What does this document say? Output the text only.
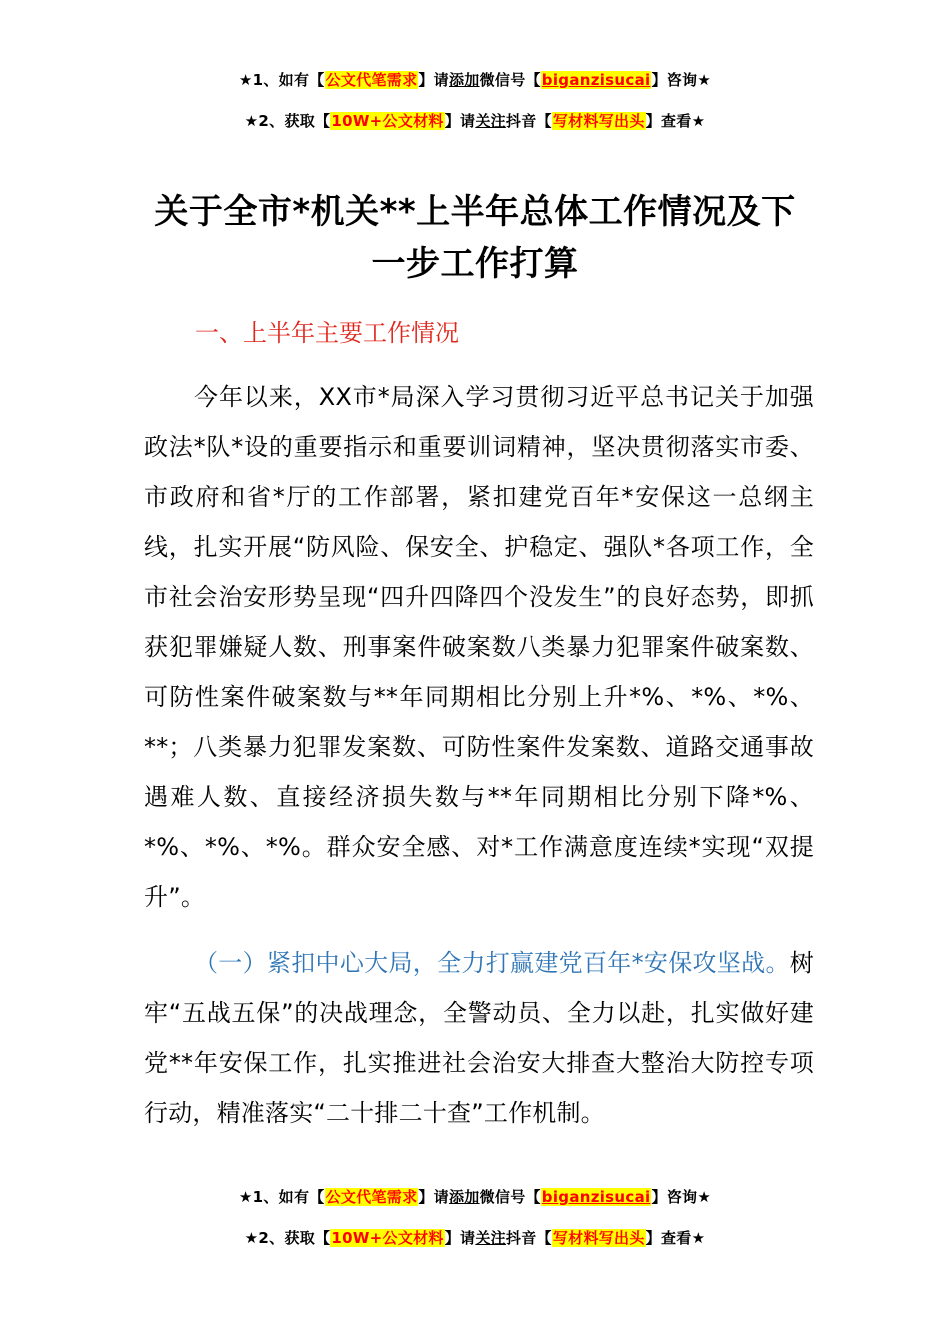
★1、如有【公文代笔需求】请添加微信号【biganzisucai】咨询★
★2、获取【10W+公文材料】请关注抖音【写材料写出头】查看★
关于全市*机关**上半年总体工作情况及下
一步工作打算
一、上半年主要工作情况
今年以来，XX市*局深入学习贯彻习近平总书记关于加强政法*队*设的重要指示和重要训词精神，坚决贯彻落实市委、市政府和省*厅的工作部署，紧扣建党百年*安保这一总纲主线，扎实开展“防风险、保安全、护稳定、强队*各项工作，全市社会治安形势呈现“四升四降四个没发生”的良好态势，即抓获犯罪嫌疑人数、刑事案件破案数八类暴力犯罪案件破案数、可防性案件破案数与**年同期相比分别上升*%、*%、*%、**；八类暴力犯罪发案数、可防性案件发案数、道路交通事故遇难人数、直接经济损失数与**年同期相比分别下降*%、*%、*%、*%。群众安全感、对*工作满意度连续*实现“双提升”。
（一）紧扣中心大局，全力打赢建党百年*安保攻坚战。树牢“五战五保”的决战理念，全警动员、全力以赴，扎实做好建党**年安保工作，扎实推进社会治安大排查大整治大防控专项行动，精准落实“二十排二十查”工作机制。
★1、如有【公文代笔需求】请添加微信号【biganzisucai】咨询★
★2、获取【10W+公文材料】请关注抖音【写材料写出头】查看★
